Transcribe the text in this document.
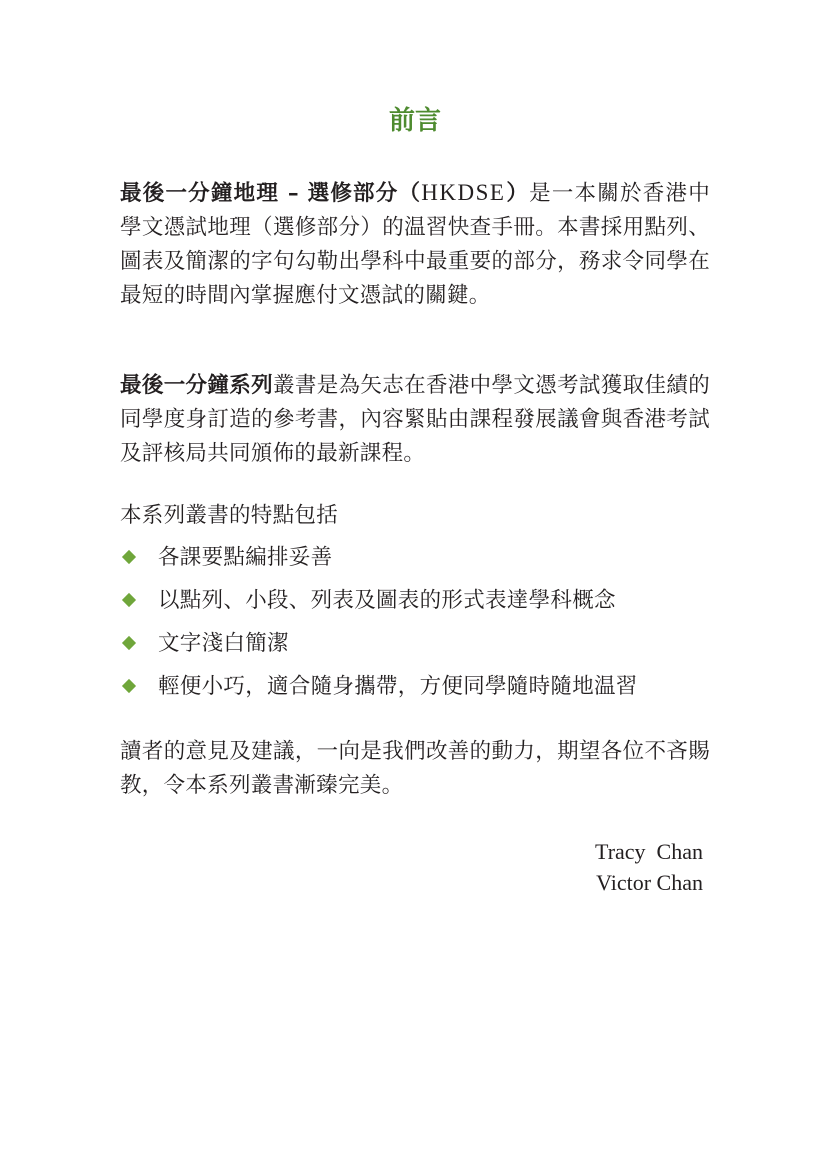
前言

最後一分鐘地理 – 選修部分（HKDSE）是一本關於香港中學文憑試地理（選修部分）的温習快查手冊。本書採用點列、圖表及簡潔的字句勾勒出學科中最重要的部分，務求令同學在最短的時間內掌握應付文憑試的關鍵。

最後一分鐘系列叢書是為矢志在香港中學文憑考試獲取佳績的同學度身訂造的參考書，內容緊貼由課程發展議會與香港考試及評核局共同頒佈的最新課程。

本系列叢書的特點包括

各課要點編排妥善
以點列、小段、列表及圖表的形式表達學科概念
文字淺白簡潔
輕便小巧，適合隨身攜帶，方便同學隨時隨地温習

讀者的意見及建議，一向是我們改善的動力，期望各位不吝賜教，令本系列叢書漸臻完美。

Tracy  Chan
Victor Chan
